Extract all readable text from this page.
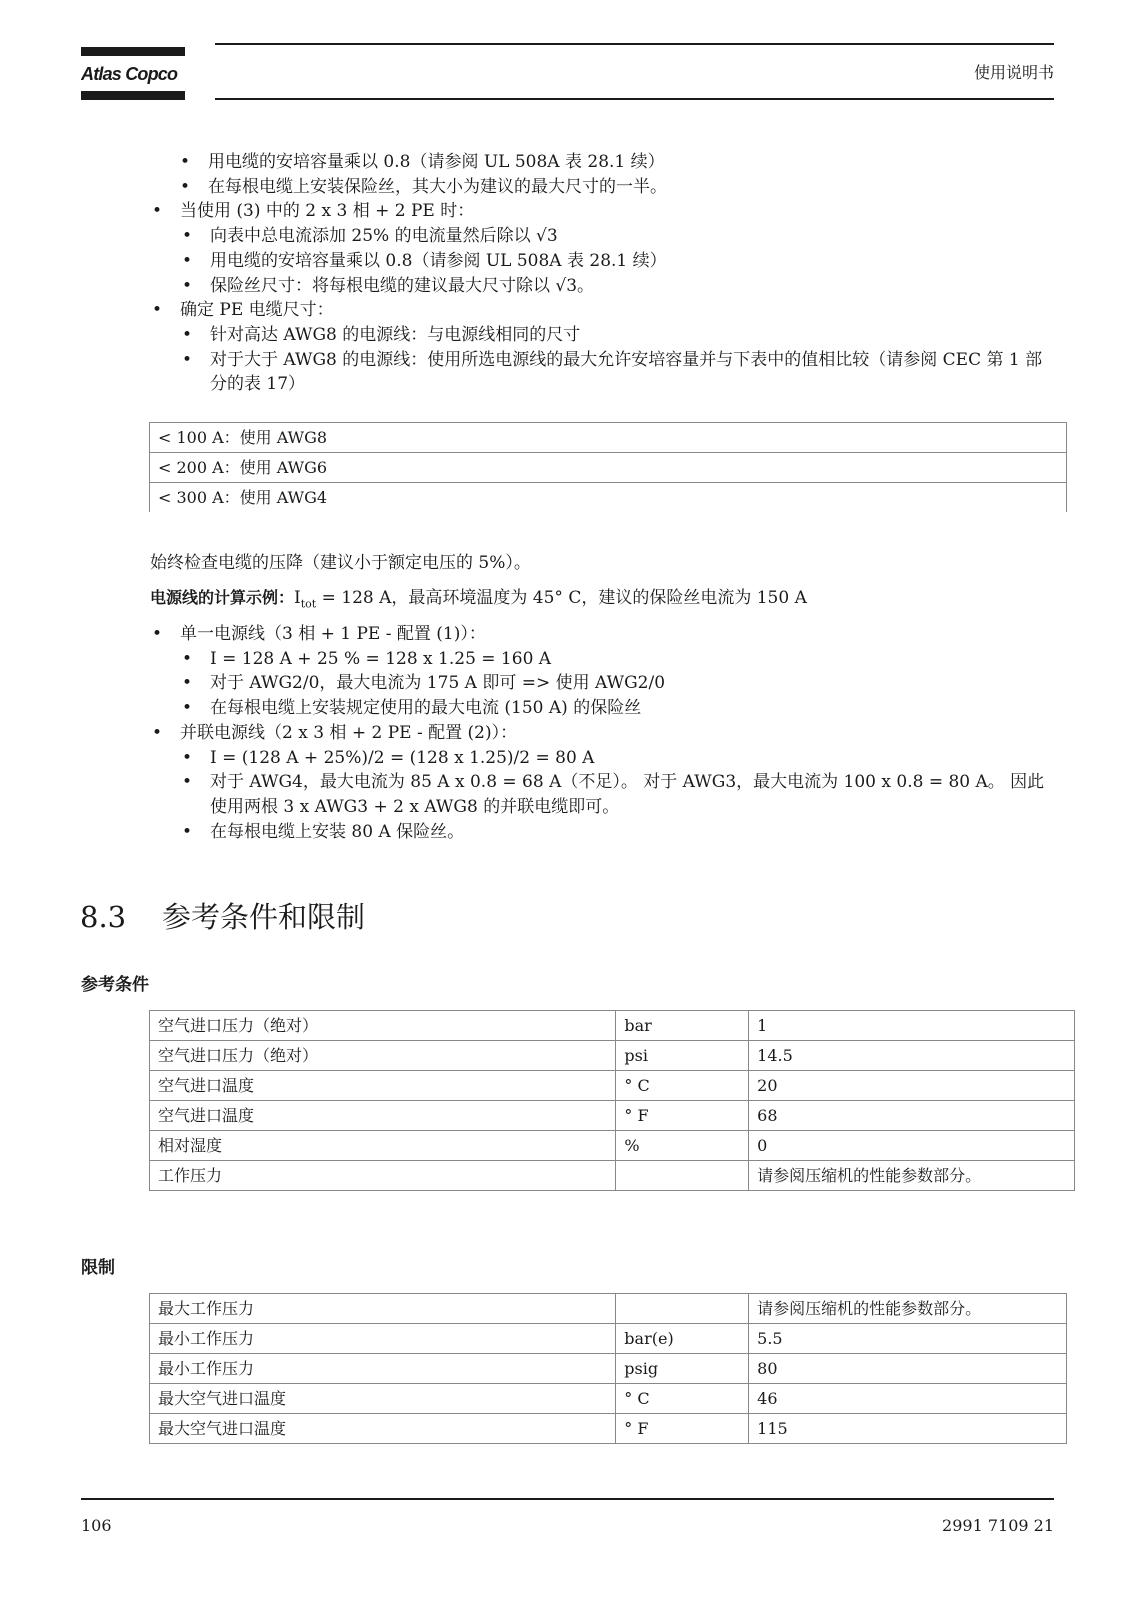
Atlas Copco	使用说明书
• 用电缆的安培容量乘以 0.8（请参阅 UL 508A 表 28.1 续）
• 在每根电缆上安装保险丝，其大小为建议的最大尺寸的一半。
• 当使用 (3) 中的 2 x 3 相 + 2 PE 时：
• 向表中总电流添加 25% 的电流量然后除以 √3
• 用电缆的安培容量乘以 0.8（请参阅 UL 508A 表 28.1 续）
• 保险丝尺寸：将每根电缆的建议最大尺寸除以 √3。
• 确定 PE 电缆尺寸：
• 针对高达 AWG8 的电源线：与电源线相同的尺寸
• 对于大于 AWG8 的电源线：使用所选电源线的最大允许安培容量并与下表中的值相比较（请参阅 CEC 第 1 部分的表 17）
< 100 A：使用 AWG8
< 200 A：使用 AWG6
< 300 A：使用 AWG4
始终检查电缆的压降（建议小于额定电压的 5%）。
电源线的计算示例：$I_{tot} = 128$ A，最高环境温度为 45° C，建议的保险丝电流为 150 A
• 单一电源线（3 相 + 1 PE - 配置 (1)）：
• I = 128 A + 25 % = 128 x 1.25 = 160 A
• 对于 AWG2/0，最大电流为 175 A 即可 => 使用 AWG2/0
• 在每根电缆上安装规定使用的最大电流 (150 A) 的保险丝
• 并联电源线（2 x 3 相 + 2 PE - 配置 (2)）：
• I = (128 A + 25%)/2 = (128 x 1.25)/2 = 80 A
• 对于 AWG4，最大电流为 85 A x 0.8 = 68 A（不足）。 对于 AWG3，最大电流为 100 x 0.8 = 80 A。 因此使用两根 3 x AWG3 + 2 x AWG8 的并联电缆即可。
• 在每根电缆上安装 80 A 保险丝。
8.3 参考条件和限制
参考条件
空气进口压力（绝对）	bar	1
空气进口压力（绝对）	psi	14.5
空气进口温度	° C	20
空气进口温度	° F	68
相对湿度	%	0
工作压力		请参阅压缩机的性能参数部分。
限制
最大工作压力		请参阅压缩机的性能参数部分。
最小工作压力	bar(e)	5.5
最小工作压力	psig	80
最大空气进口温度	° C	46
最大空气进口温度	° F	115
106	2991 7109 21
